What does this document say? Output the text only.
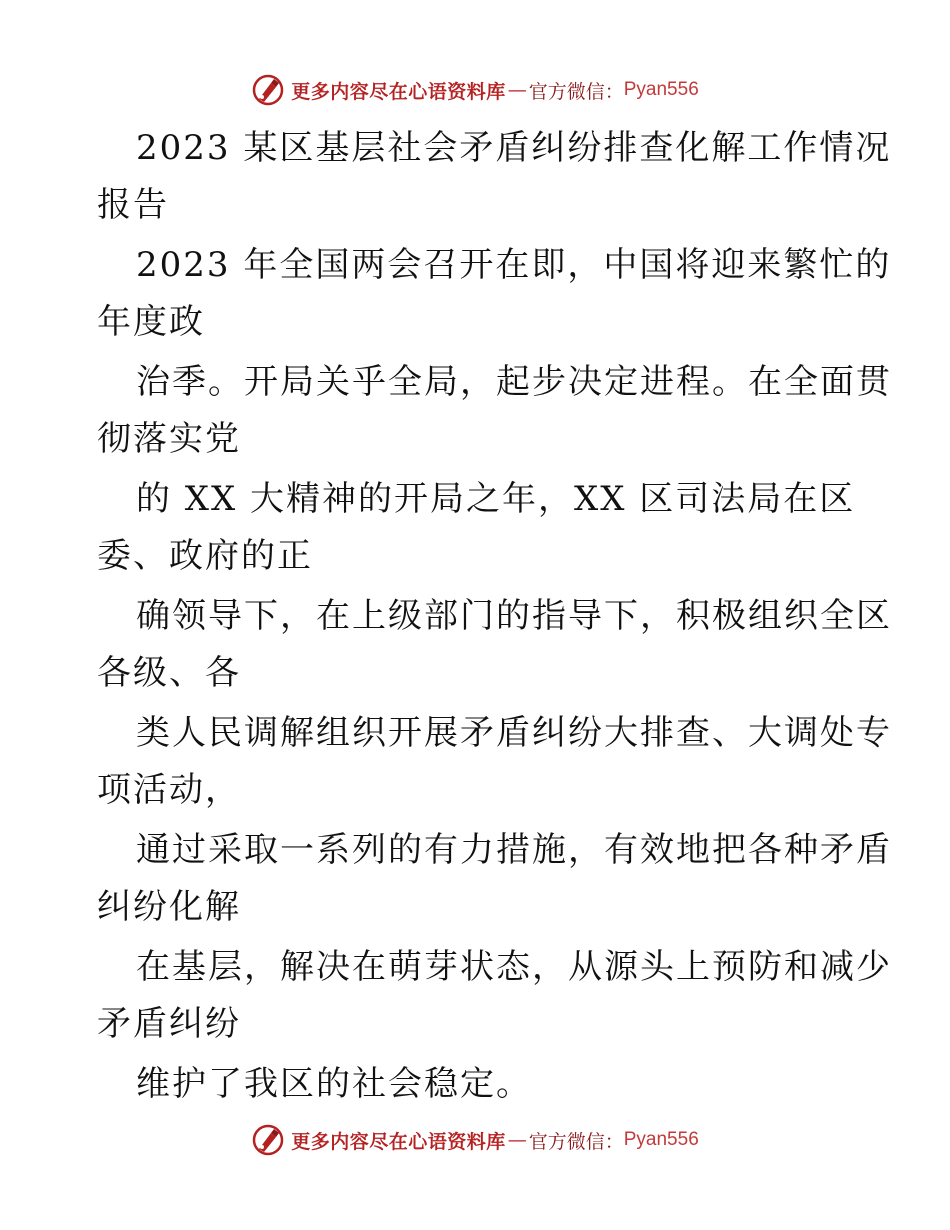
更多内容尽在心语资料库 — 官方微信： Pyan556
2023 某区基层社会矛盾纠纷排查化解工作情况
报告
2023 年全国两会召开在即，中国将迎来繁忙的
年度政
治季。开局关乎全局，起步决定进程。在全面贯
彻落实党
的 XX 大精神的开局之年，XX 区司法局在区
委、政府的正
确领导下，在上级部门的指导下，积极组织全区
各级、各
类人民调解组织开展矛盾纠纷大排查、大调处专
项活动，
通过采取一系列的有力措施，有效地把各种矛盾
纠纷化解
在基层，解决在萌芽状态，从源头上预防和减少
矛盾纠纷
维护了我区的社会稳定。
更多内容尽在心语资料库 — 官方微信： Pyan556
